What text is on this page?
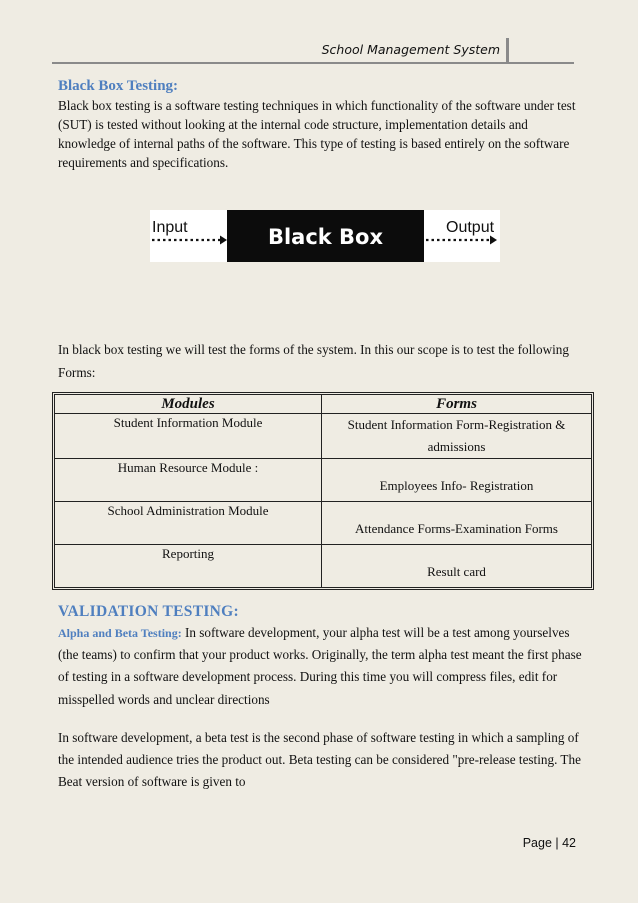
School Management System
Black Box Testing:

Black box testing is a software testing techniques in which functionality of the software under test (SUT) is tested without looking at the internal code structure, implementation details and knowledge of internal paths of the software. This type of testing is based entirely on the software requirements and specifications.

Input	Black Box	Output

In black box testing we will test the forms of the system. In this our scope is to test the following Forms:

Modules	Forms
Student Information Module	Student Information Form-Registration & admissions
Human Resource Module :	Employees Info- Registration
School Administration Module	Attendance Forms-Examination Forms
Reporting	Result card
VALIDATION TESTING:

Alpha and Beta Testing: In software development, your alpha test will be a test among yourselves (the teams) to confirm that your product works. Originally, the term alpha test meant the first phase of testing in a software development process. During this time you will compress files, edit for misspelled words and unclear directions

In software development, a beta test is the second phase of software testing in which a sampling of the intended audience tries the product out. Beta testing can be considered "pre-release testing. The Beat version of software is given to

Page | 42
